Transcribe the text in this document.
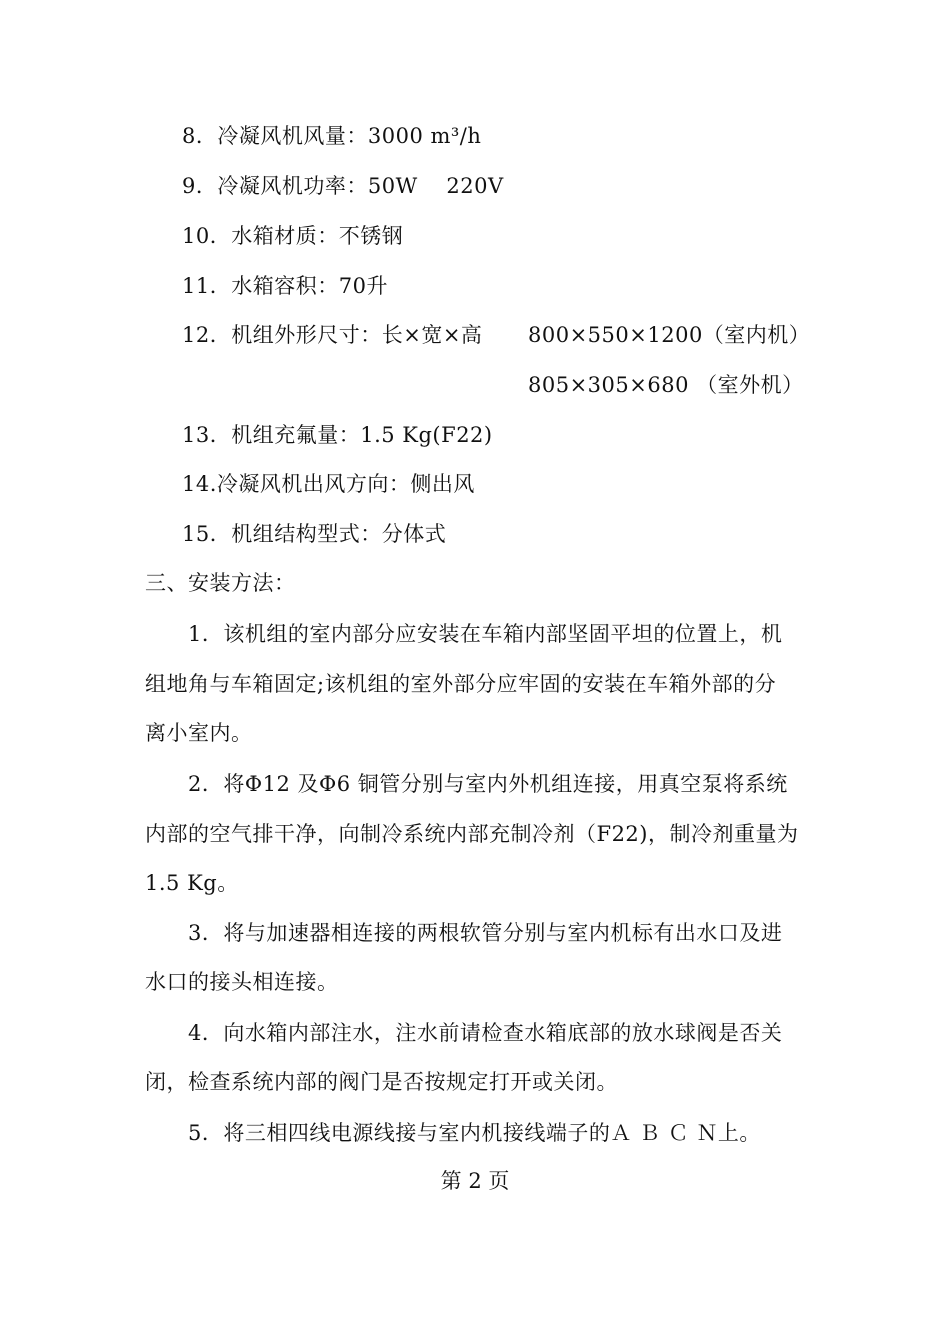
8．冷凝风机风量：3000 m³/h
9．冷凝风机功率：50W    220V
10．水箱材质：不锈钢
11．水箱容积：70升
12．机组外形尺寸：长×宽×高 800×550×1200（室内机）
805×305×680 （室外机）
13．机组充氟量：1.5 Kg(F22)
14.冷凝风机出风方向：侧出风
15．机组结构型式：分体式
三、安装方法：
1．该机组的室内部分应安装在车箱内部坚固平坦的位置上，机
组地角与车箱固定;该机组的室外部分应牢固的安装在车箱外部的分
离小室内。
2．将Φ12 及Φ6 铜管分别与室内外机组连接，用真空泵将系统
内部的空气排干净，向制冷系统内部充制冷剂（F22)，制冷剂重量为
1.5 Kg。
3．将与加速器相连接的两根软管分别与室内机标有出水口及进
水口的接头相连接。
4．向水箱内部注水，注水前请检查水箱底部的放水球阀是否关
闭，检查系统内部的阀门是否按规定打开或关闭。
5．将三相四线电源线接与室内机接线端子的Ａ Ｂ Ｃ Ｎ上。
第 2 页
